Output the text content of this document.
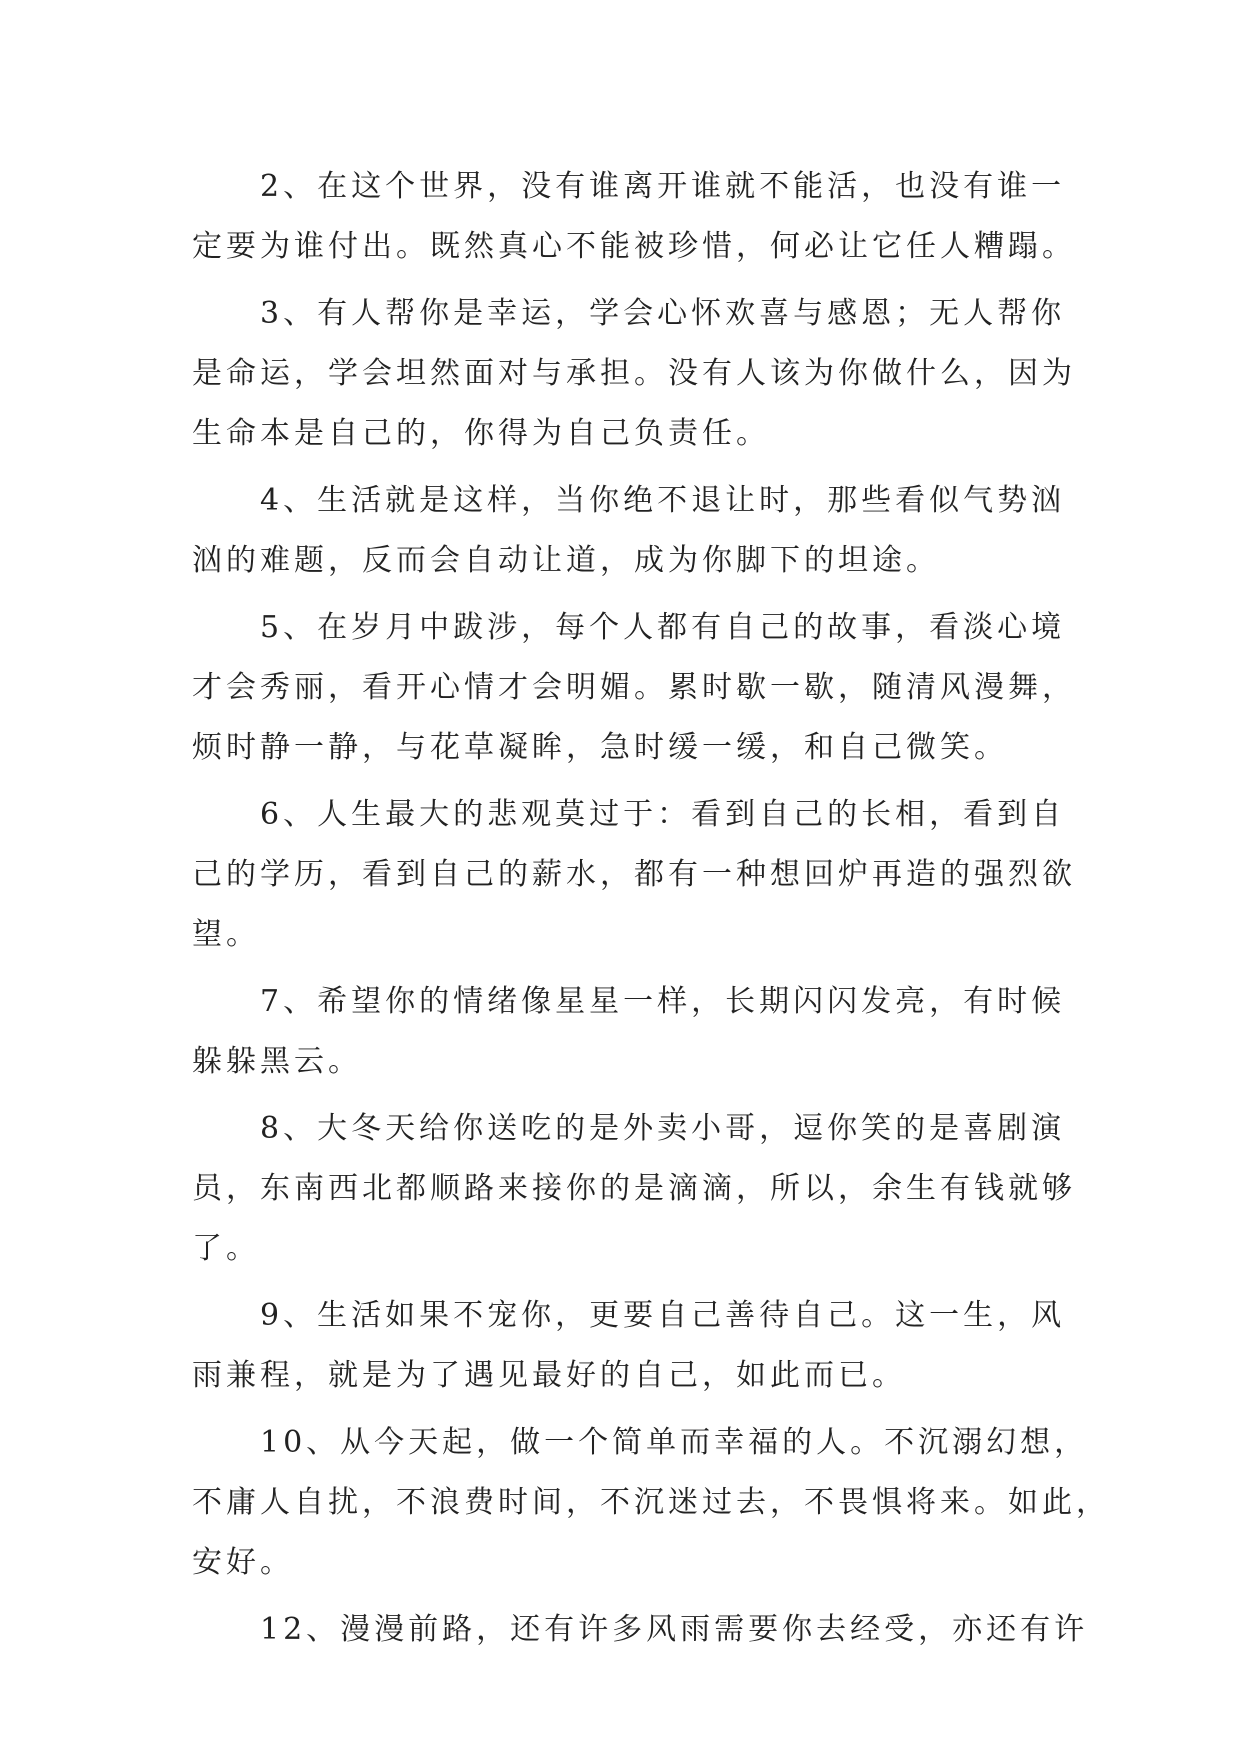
　　2、在这个世界，没有谁离开谁就不能活，也没有谁一
定要为谁付出。既然真心不能被珍惜，何必让它任人糟蹋。
　　3、有人帮你是幸运，学会心怀欢喜与感恩；无人帮你
是命运，学会坦然面对与承担。没有人该为你做什么，因为
生命本是自己的，你得为自己负责任。
　　4、生活就是这样，当你绝不退让时，那些看似气势汹
汹的难题，反而会自动让道，成为你脚下的坦途。
　　5、在岁月中跋涉，每个人都有自己的故事，看淡心境
才会秀丽，看开心情才会明媚。累时歇一歇，随清风漫舞，
烦时静一静，与花草凝眸，急时缓一缓，和自己微笑。
　　6、人生最大的悲观莫过于：看到自己的长相，看到自
己的学历，看到自己的薪水，都有一种想回炉再造的强烈欲
望。
　　7、希望你的情绪像星星一样，长期闪闪发亮，有时候
躲躲黑云。
　　8、大冬天给你送吃的是外卖小哥，逗你笑的是喜剧演
员，东南西北都顺路来接你的是滴滴，所以，余生有钱就够
了。
　　9、生活如果不宠你，更要自己善待自己。这一生，风
雨兼程，就是为了遇见最好的自己，如此而已。
　　10、从今天起，做一个简单而幸福的人。不沉溺幻想，
不庸人自扰，不浪费时间，不沉迷过去，不畏惧将来。如此，
安好。
　　12、漫漫前路，还有许多风雨需要你去经受，亦还有许
